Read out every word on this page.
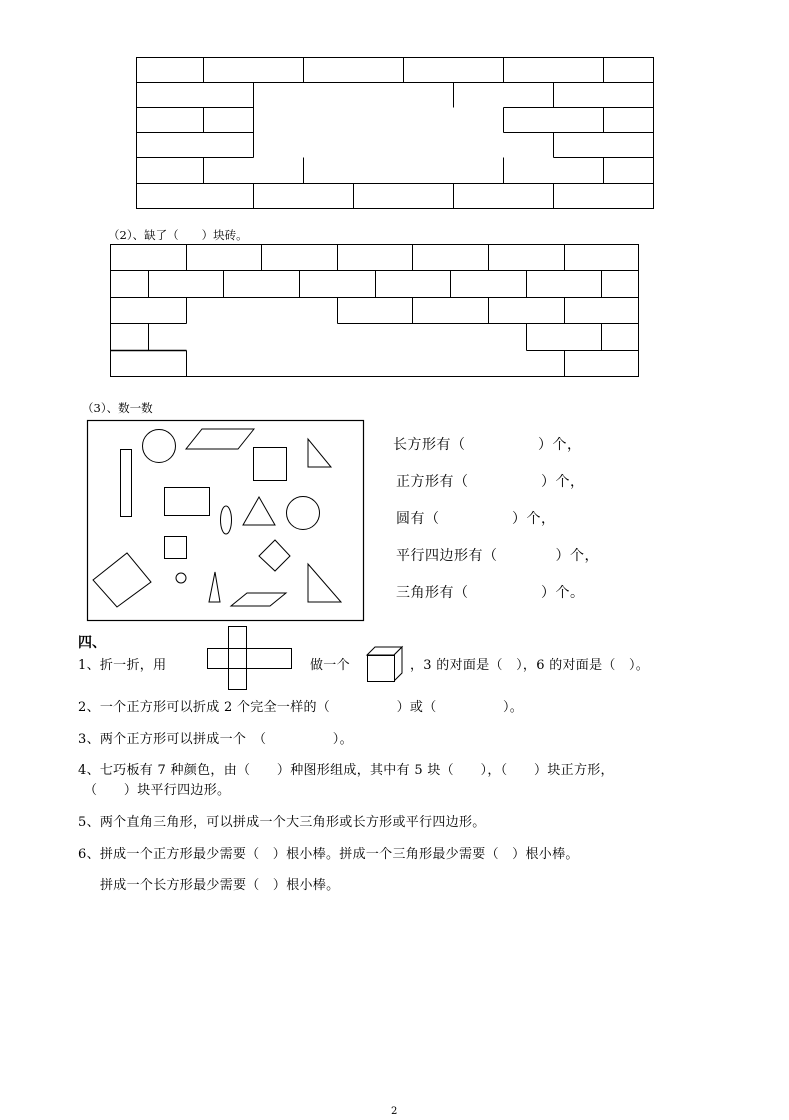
（2）、缺了（　　）块砖。
（3）、数一数
长方形有（　　　　　）个，
正方形有（　　　　　）个，
圆有（　　　　　）个，
平行四边形有（　　　　）个，
三角形有（　　　　　）个。
四、
1、折一折，用	做一个	，3 的对面是（　），6 的对面是（　）。
2、一个正方形可以折成 2 个完全一样的（　　　　　）或（　　　　　）。
3、两个正方形可以拼成一个　（　　　　　）。
4、七巧板有 7 种颜色，由（　　）种图形组成，其中有 5 块（　　），（　　）块正方形，
（　　）块平行四边形。
5、两个直角三角形，可以拼成一个大三角形或长方形或平行四边形。
6、拼成一个正方形最少需要（　）根小棒。拼成一个三角形最少需要（　）根小棒。
拼成一个长方形最少需要（　）根小棒。
2
